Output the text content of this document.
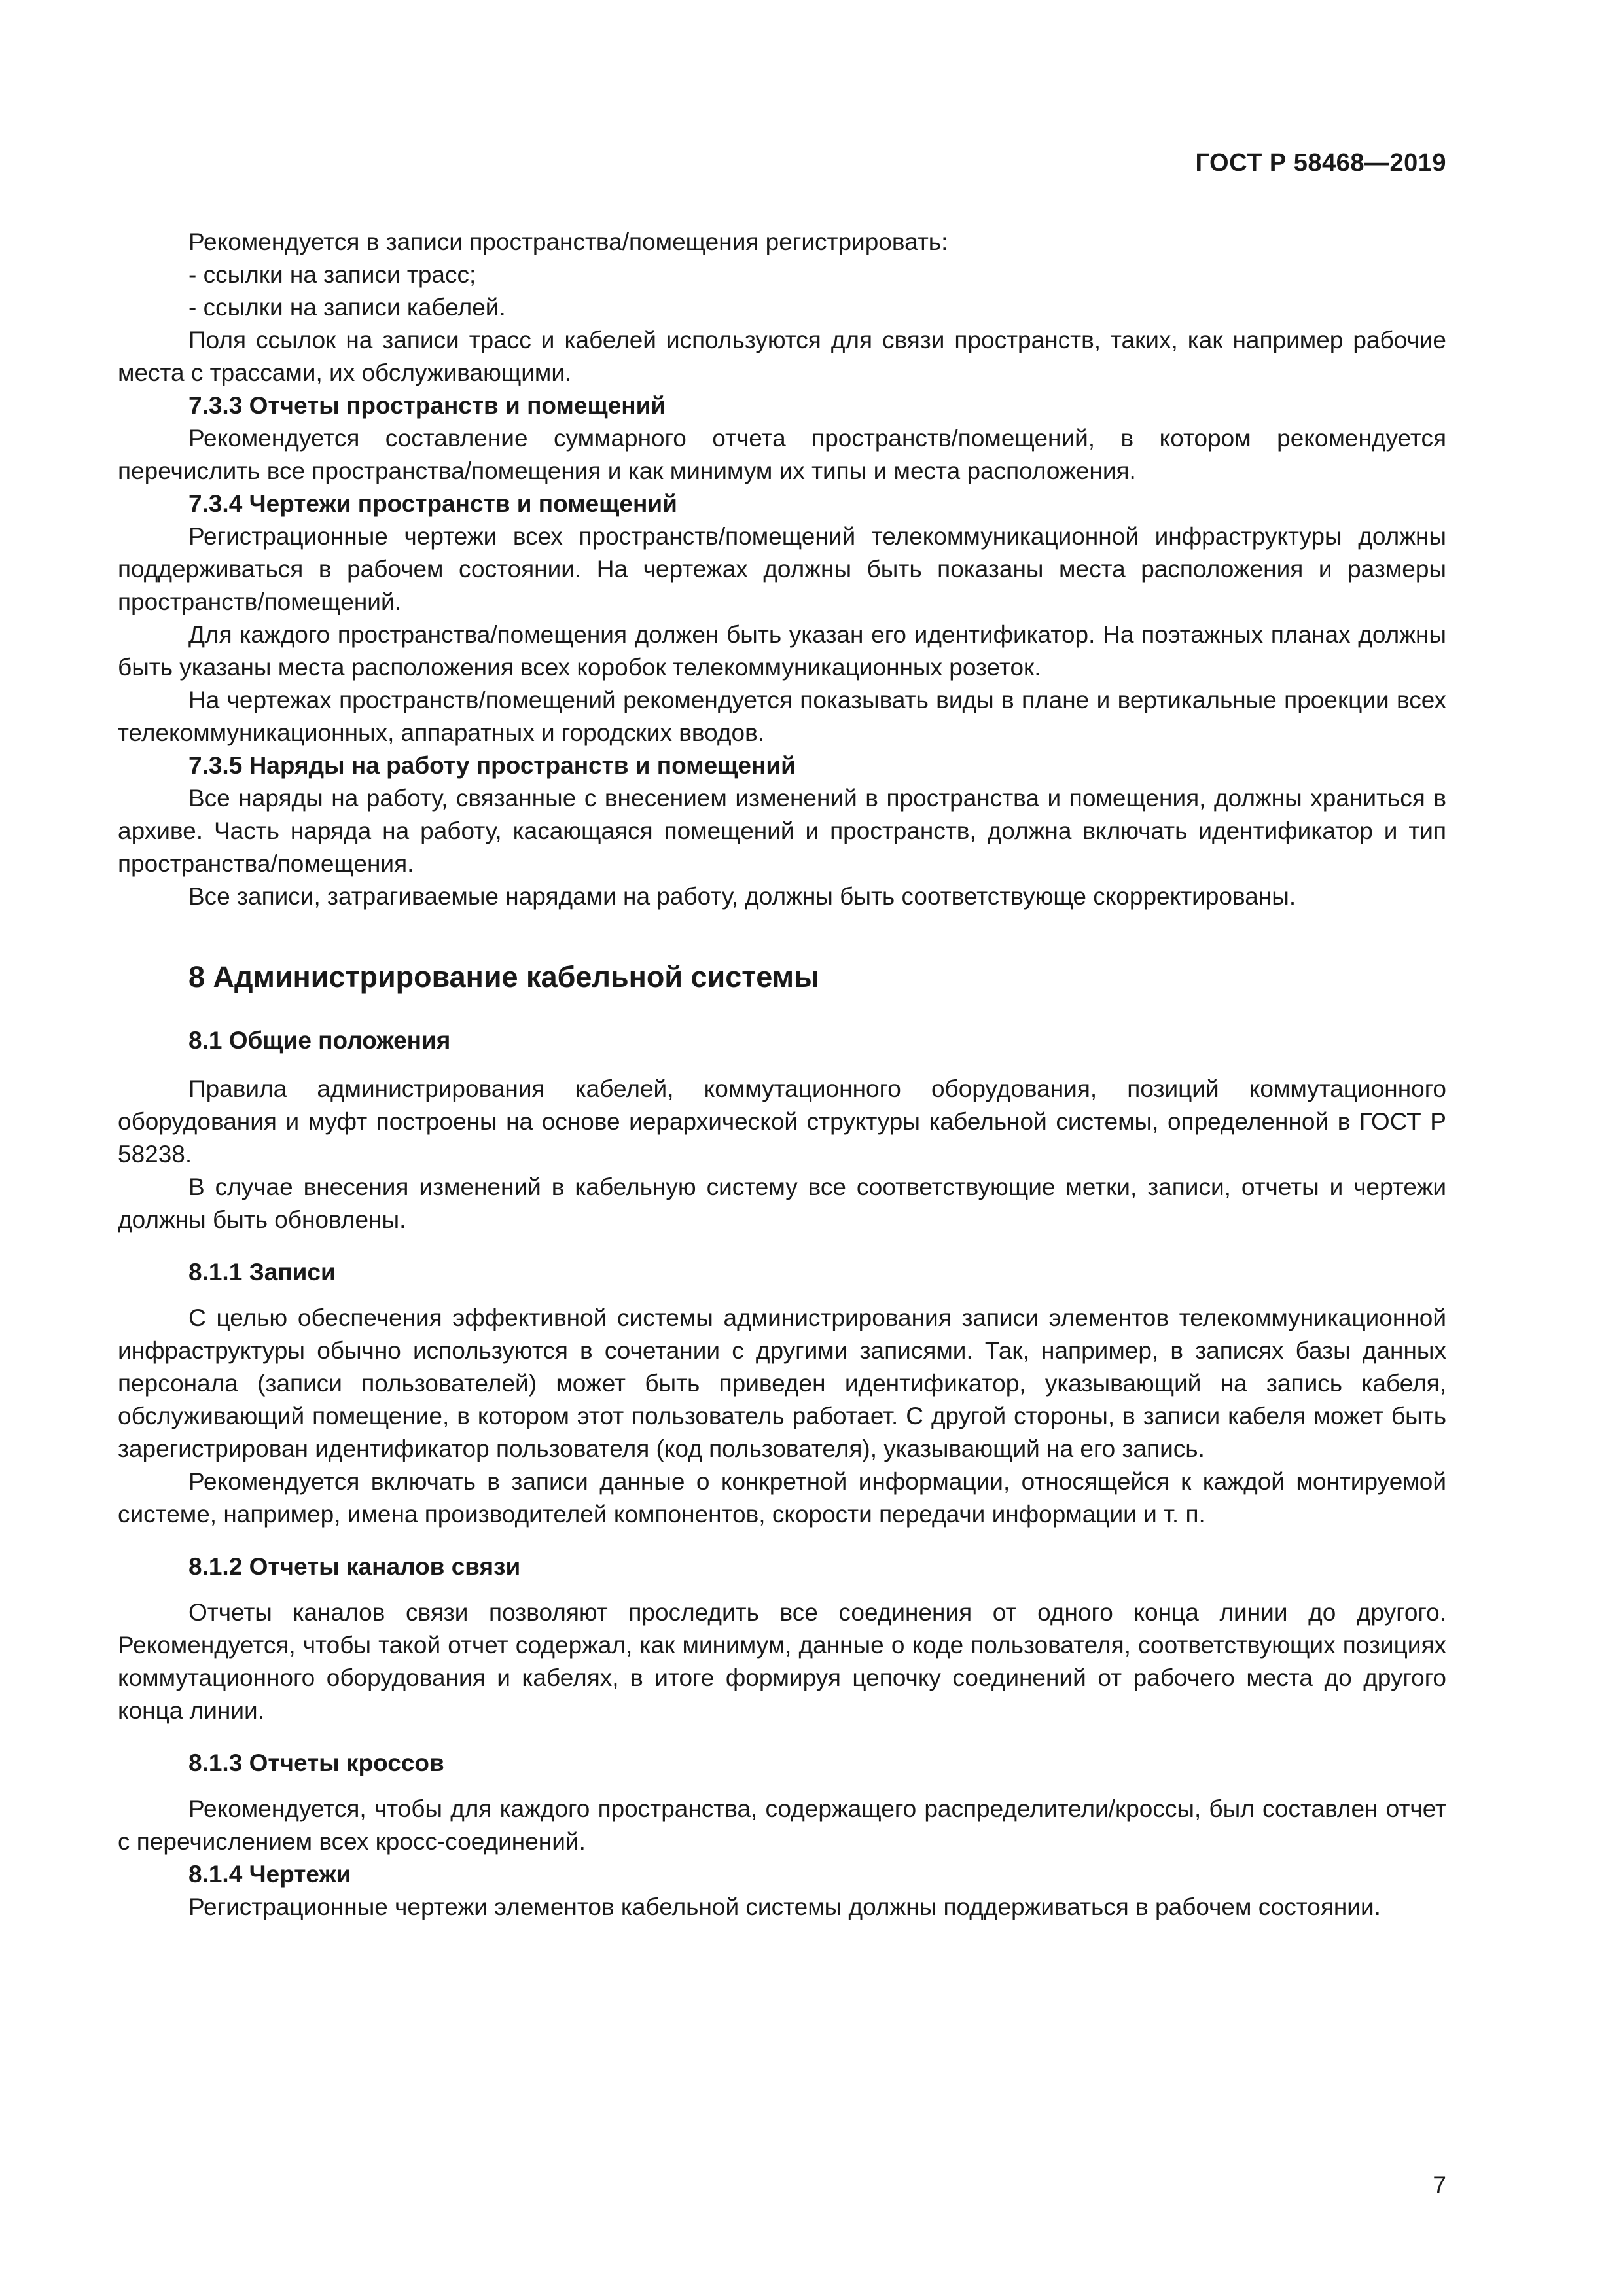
ГОСТ Р 58468—2019

Рекомендуется в записи пространства/помещения регистрировать:

- ссылки на записи трасс;

- ссылки на записи кабелей.

Поля ссылок на записи трасс и кабелей используются для связи пространств, таких, как например рабочие места с трассами, их обслуживающими.

7.3.3 Отчеты пространств и помещений

Рекомендуется составление суммарного отчета пространств/помещений, в котором рекомендуется перечислить все пространства/помещения и как минимум их типы и места расположения.

7.3.4 Чертежи пространств и помещений

Регистрационные чертежи всех пространств/помещений телекоммуникационной инфраструктуры должны поддерживаться в рабочем состоянии. На чертежах должны быть показаны места расположения и размеры пространств/помещений.

Для каждого пространства/помещения должен быть указан его идентификатор. На поэтажных планах должны быть указаны места расположения всех коробок телекоммуникационных розеток.

На чертежах пространств/помещений рекомендуется показывать виды в плане и вертикальные проекции всех телекоммуникационных, аппаратных и городских вводов.

7.3.5 Наряды на работу пространств и помещений

Все наряды на работу, связанные с внесением изменений в пространства и помещения, должны храниться в архиве. Часть наряда на работу, касающаяся помещений и пространств, должна включать идентификатор и тип пространства/помещения.

Все записи, затрагиваемые нарядами на работу, должны быть соответствующе скорректированы.

8 Администрирование кабельной системы

8.1 Общие положения

Правила администрирования кабелей, коммутационного оборудования, позиций коммутационного оборудования и муфт построены на основе иерархической структуры кабельной системы, определенной в ГОСТ Р 58238.

В случае внесения изменений в кабельную систему все соответствующие метки, записи, отчеты и чертежи должны быть обновлены.

8.1.1 Записи

С целью обеспечения эффективной системы администрирования записи элементов телекоммуникационной инфраструктуры обычно используются в сочетании с другими записями. Так, например, в записях базы данных персонала (записи пользователей) может быть приведен идентификатор, указывающий на запись кабеля, обслуживающий помещение, в котором этот пользователь работает. С другой стороны, в записи кабеля может быть зарегистрирован идентификатор пользователя (код пользователя), указывающий на его запись.

Рекомендуется включать в записи данные о конкретной информации, относящейся к каждой монтируемой системе, например, имена производителей компонентов, скорости передачи информации и т. п.

8.1.2 Отчеты каналов связи

Отчеты каналов связи позволяют проследить все соединения от одного конца линии до другого. Рекомендуется, чтобы такой отчет содержал, как минимум, данные о коде пользователя, соответствующих позициях коммутационного оборудования и кабелях, в итоге формируя цепочку соединений от рабочего места до другого конца линии.

8.1.3 Отчеты кроссов

Рекомендуется, чтобы для каждого пространства, содержащего распределители/кроссы, был составлен отчет с перечислением всех кросс-соединений.

8.1.4 Чертежи

Регистрационные чертежи элементов кабельной системы должны поддерживаться в рабочем состоянии.

7
